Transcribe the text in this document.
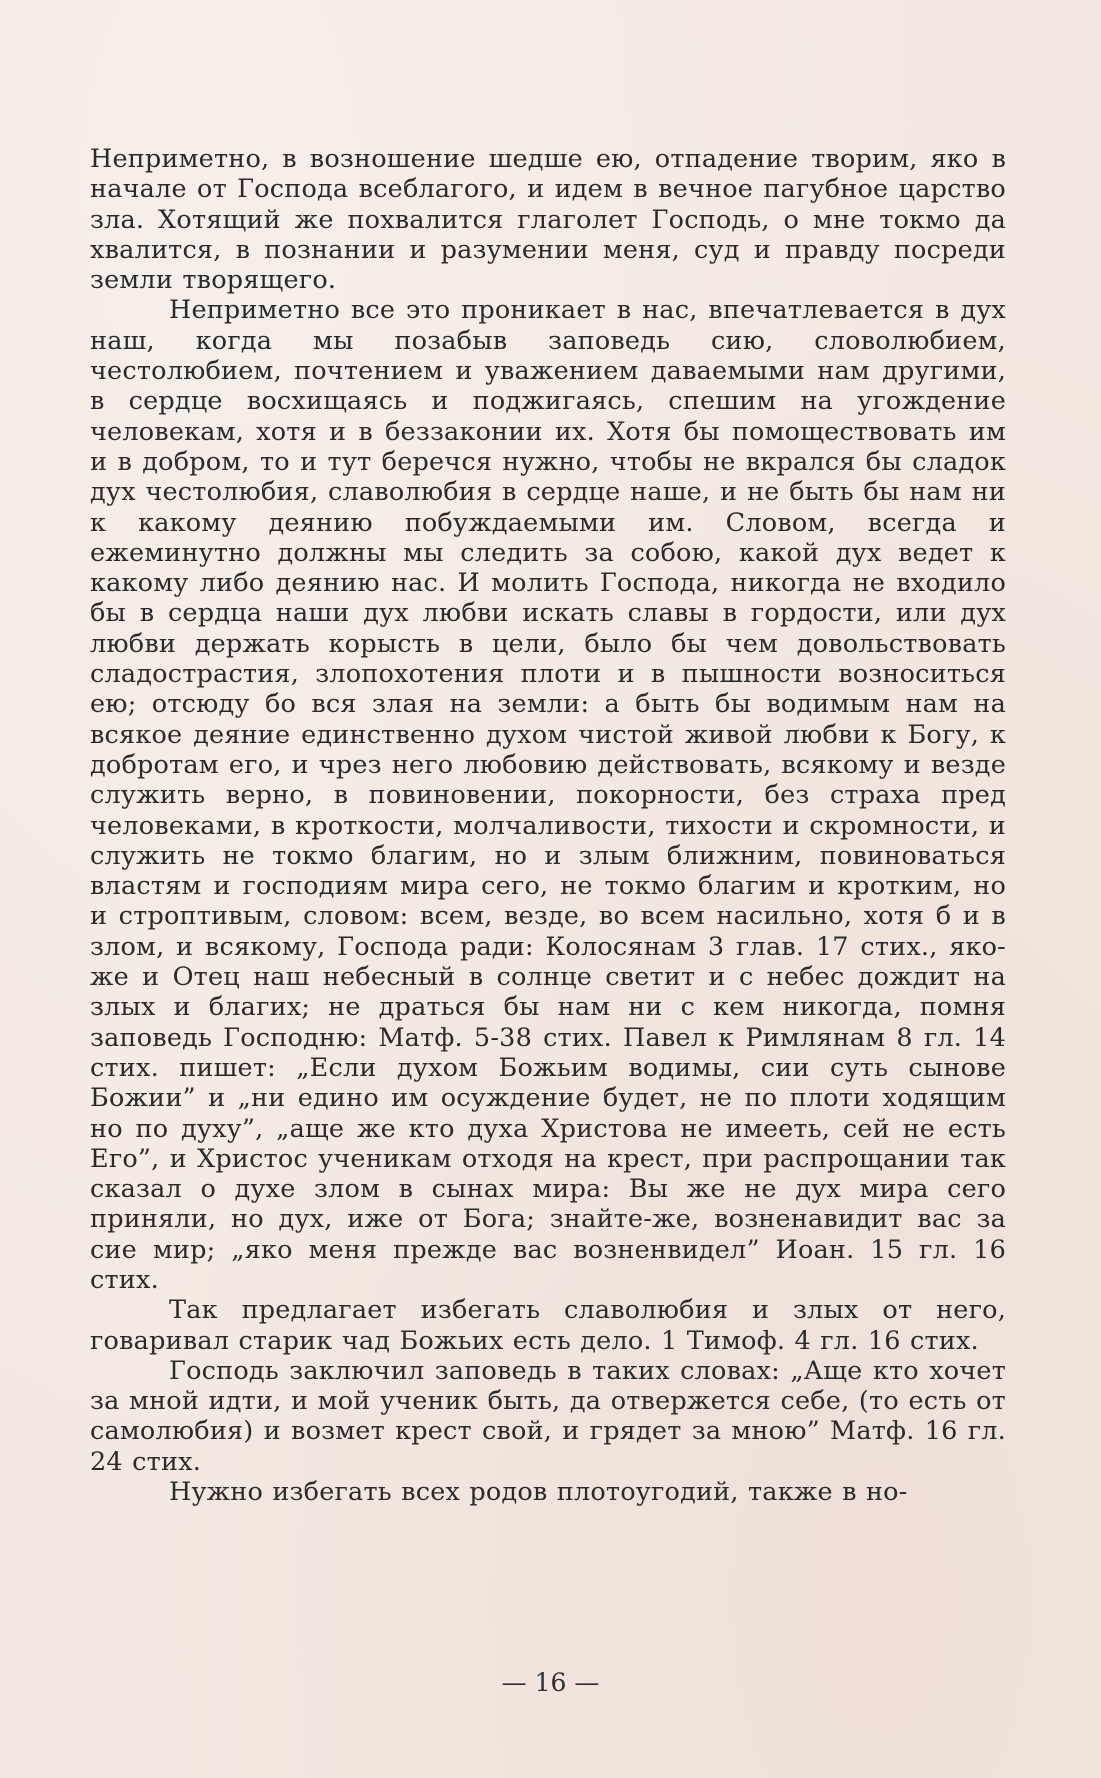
Неприметно, в возношение шедше ею, отпадение творим, яко в начале от Господа всеблагого, и идем в вечное пагубное царство зла. Хотящий же похвалится глаголет Господь, о мне токмо да хвалится, в познании и разумении меня, суд и правду посреди земли творящего.

Неприметно все это проникает в нас, впечатлевается в дух наш, когда мы позабыв заповедь сию, словолюбием, честолюбием, почтением и уважением даваемыми нам другими, в сердце восхищаясь и поджигаясь, спешим на угождение человекам, хотя и в беззаконии их. Хотя бы помоществовать им и в добром, то и тут беречся нужно, чтобы не вкрался бы сладок дух честолюбия, славолюбия в сердце наше, и не быть бы нам ни к какому деянию побуждаемыми им. Словом, всегда и ежеминутно должны мы следить за собою, какой дух ведет к какому либо деянию нас. И молить Господа, никогда не входило бы в сердца наши дух любви искать славы в гордости, или дух любви держать корысть в цели, было бы чем довольствовать сладострастия, злопохотения плоти и в пышности возноситься ею; отсюду бо вся злая на земли: а быть бы водимым нам на всякое деяние единственно духом чистой живой любви к Богу, к добротам его, и чрез него любовию действовать, всякому и везде служить верно, в повиновении, покорности, без страха пред человеками, в кроткости, молчаливости, тихости и скромности, и служить не токмо благим, но и злым ближним, повиноваться властям и господиям мира сего, не токмо благим и кротким, но и строптивым, словом: всем, везде, во всем насильно, хотя б и в злом, и всякому, Господа ради: Колосянам 3 глав. 17 стих., яко-же и Отец наш небесный в солнце светит и с небес дождит на злых и благих; не драться бы нам ни с кем никогда, помня заповедь Господню: Матф. 5-38 стих. Павел к Римлянам 8 гл. 14 стих. пишет: „Если духом Божьим водимы, сии суть сынове Божии” и „ни едино им осуждение будет, не по плоти ходящим но по духу”, „аще же кто духа Христова не имееть, сей не есть Его”, и Христос ученикам отходя на крест, при распрощании так сказал о духе злом в сынах мира: Вы же не дух мира сего приняли, но дух, иже от Бога; знайте-же, возненавидит вас за сие мир; „яко меня прежде вас возненвидел” Иоан. 15 гл. 16 стих.

Так предлагает избегать славолюбия и злых от него, говаривал старик чад Божьих есть дело. 1 Тимоф. 4 гл. 16 стих.

Господь заключил заповедь в таких словах: „Аще кто хочет за мной идти, и мой ученик быть, да отвержется себе, (то есть от самолюбия) и возмет крест свой, и грядет за мною” Матф. 16 гл. 24 стих.

Нужно избегать всех родов плотоугодий, также в но-

— 16 —
